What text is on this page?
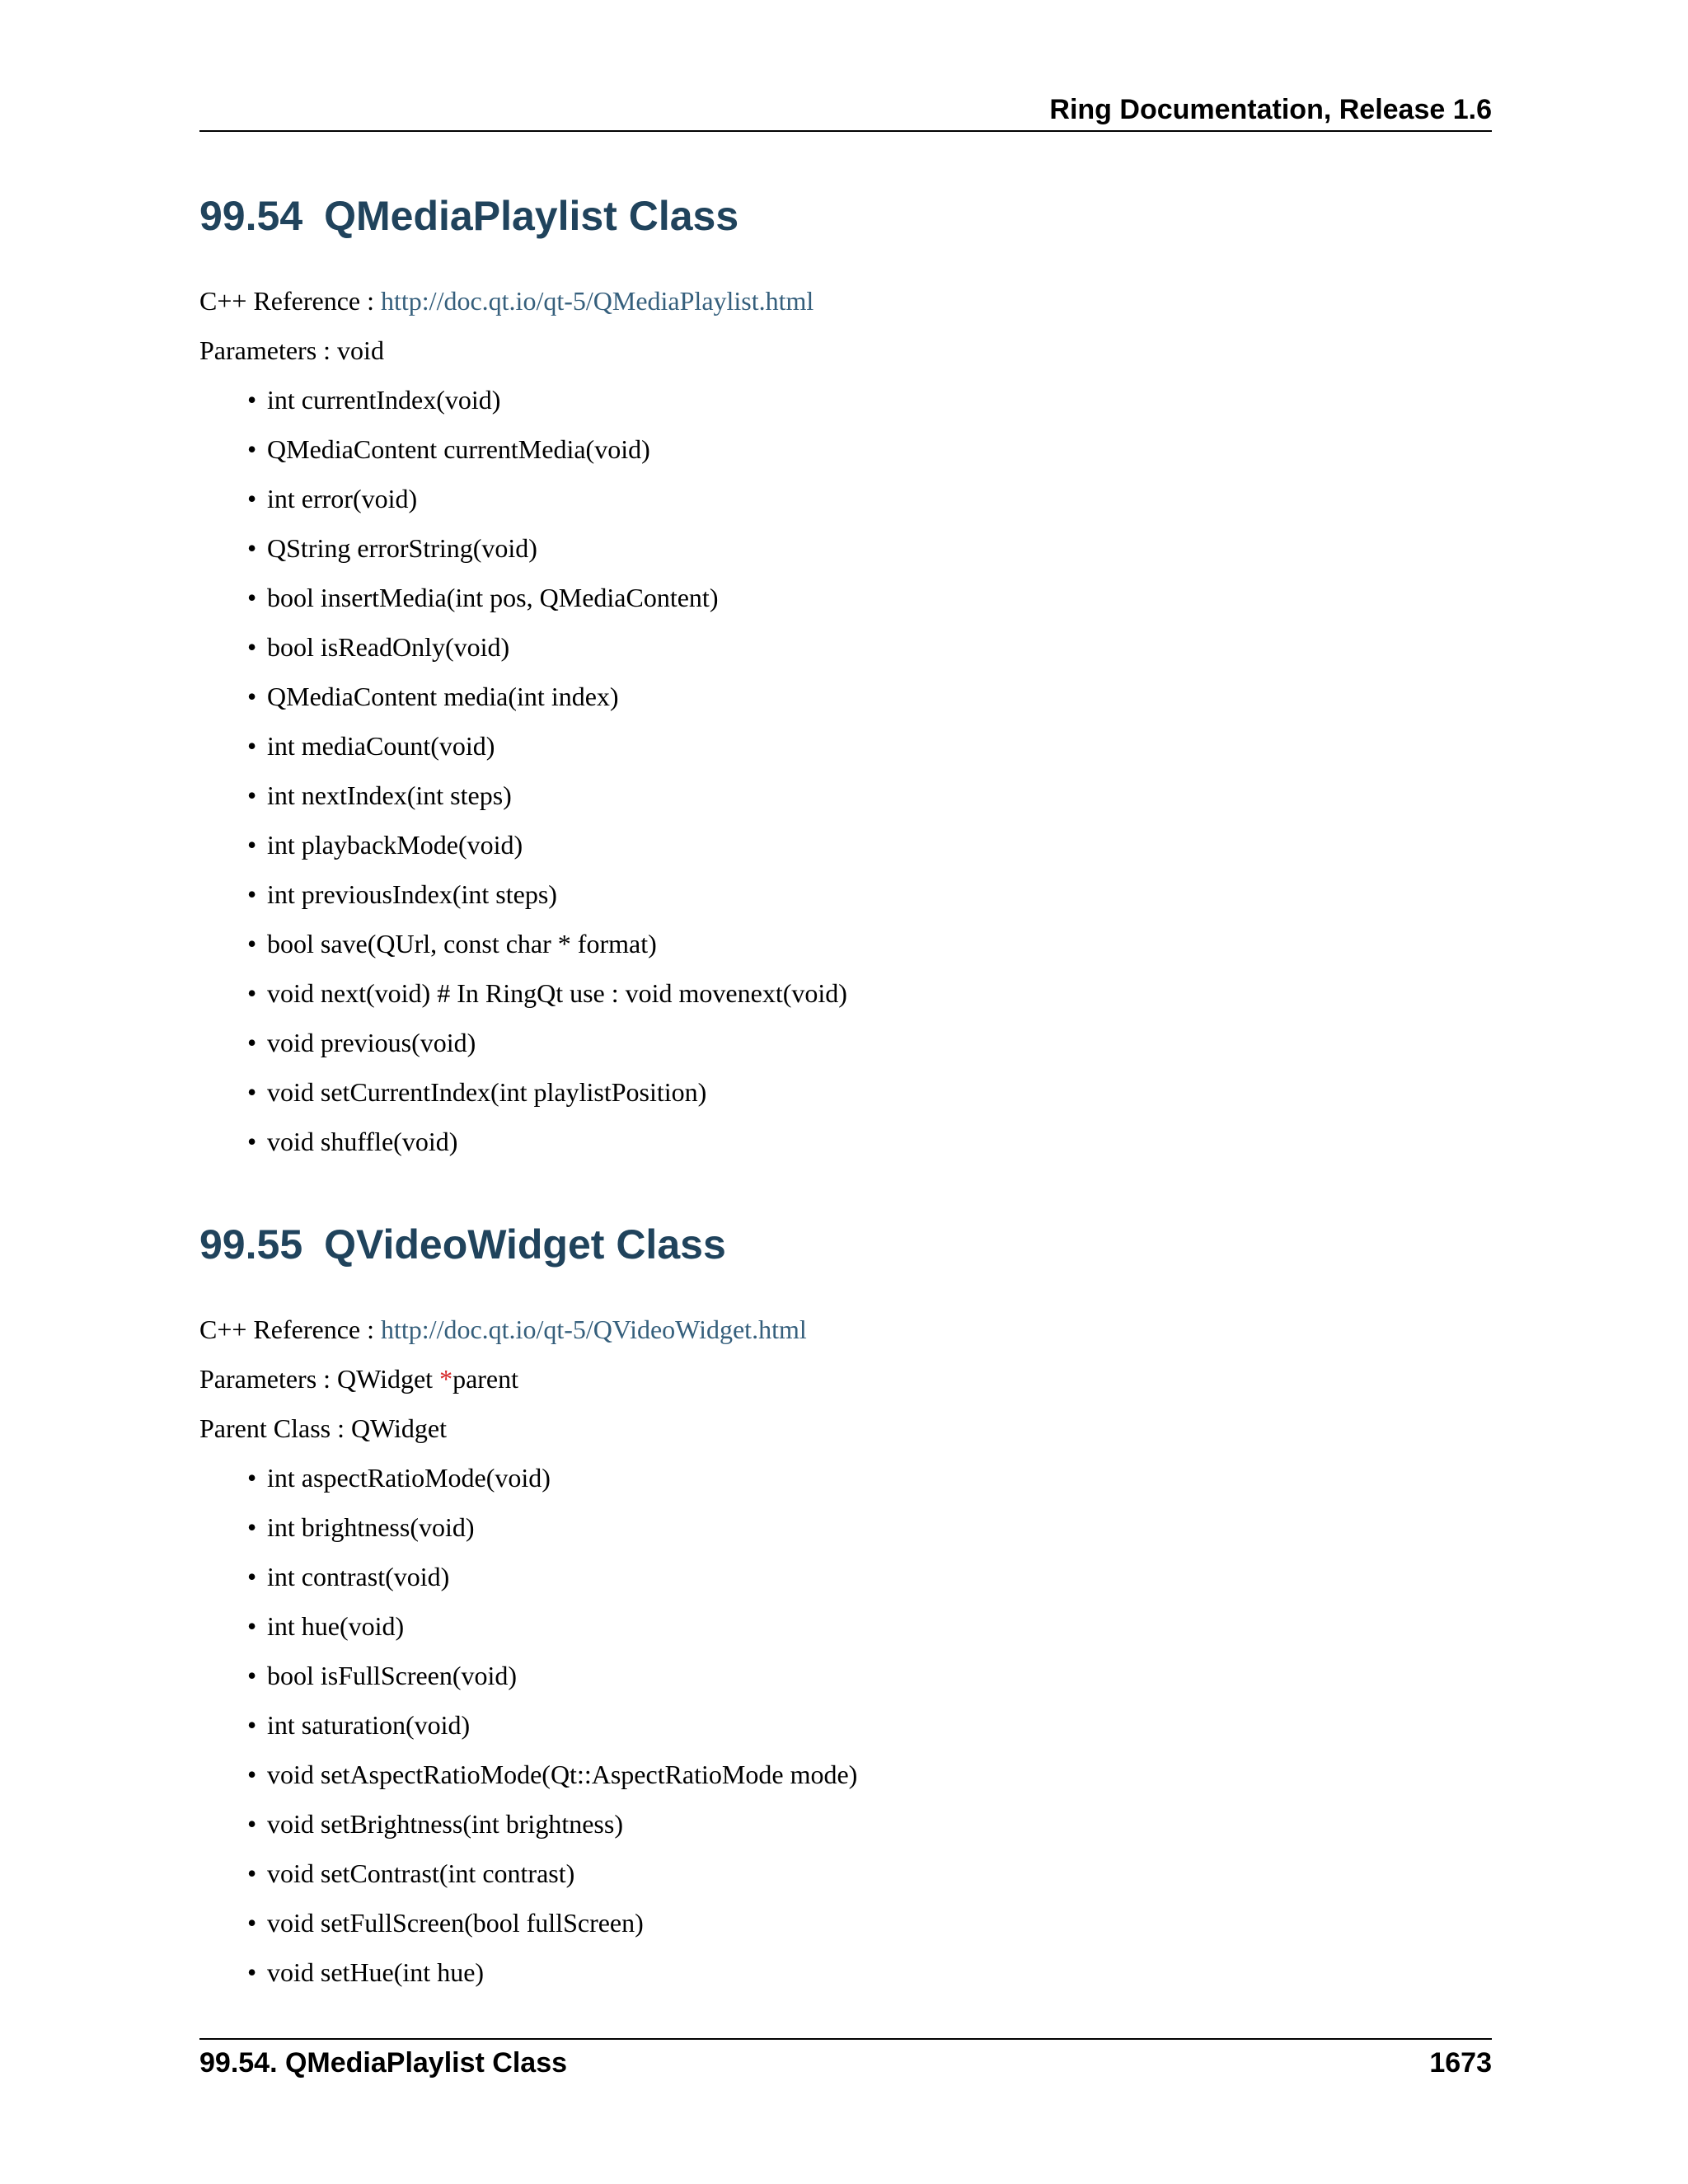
Ring Documentation, Release 1.6
99.54 QMediaPlaylist Class

C++ Reference : http://doc.qt.io/qt-5/QMediaPlaylist.html

Parameters : void

• int currentIndex(void)
• QMediaContent currentMedia(void)
• int error(void)
• QString errorString(void)
• bool insertMedia(int pos, QMediaContent)
• bool isReadOnly(void)
• QMediaContent media(int index)
• int mediaCount(void)
• int nextIndex(int steps)
• int playbackMode(void)
• int previousIndex(int steps)
• bool save(QUrl, const char * format)
• void next(void) # In RingQt use : void movenext(void)
• void previous(void)
• void setCurrentIndex(int playlistPosition)
• void shuffle(void)
99.55 QVideoWidget Class

C++ Reference : http://doc.qt.io/qt-5/QVideoWidget.html

Parameters : QWidget *parent

Parent Class : QWidget

• int aspectRatioMode(void)
• int brightness(void)
• int contrast(void)
• int hue(void)
• bool isFullScreen(void)
• int saturation(void)
• void setAspectRatioMode(Qt::AspectRatioMode mode)
• void setBrightness(int brightness)
• void setContrast(int contrast)
• void setFullScreen(bool fullScreen)
• void setHue(int hue)
99.54. QMediaPlaylist Class	1673
